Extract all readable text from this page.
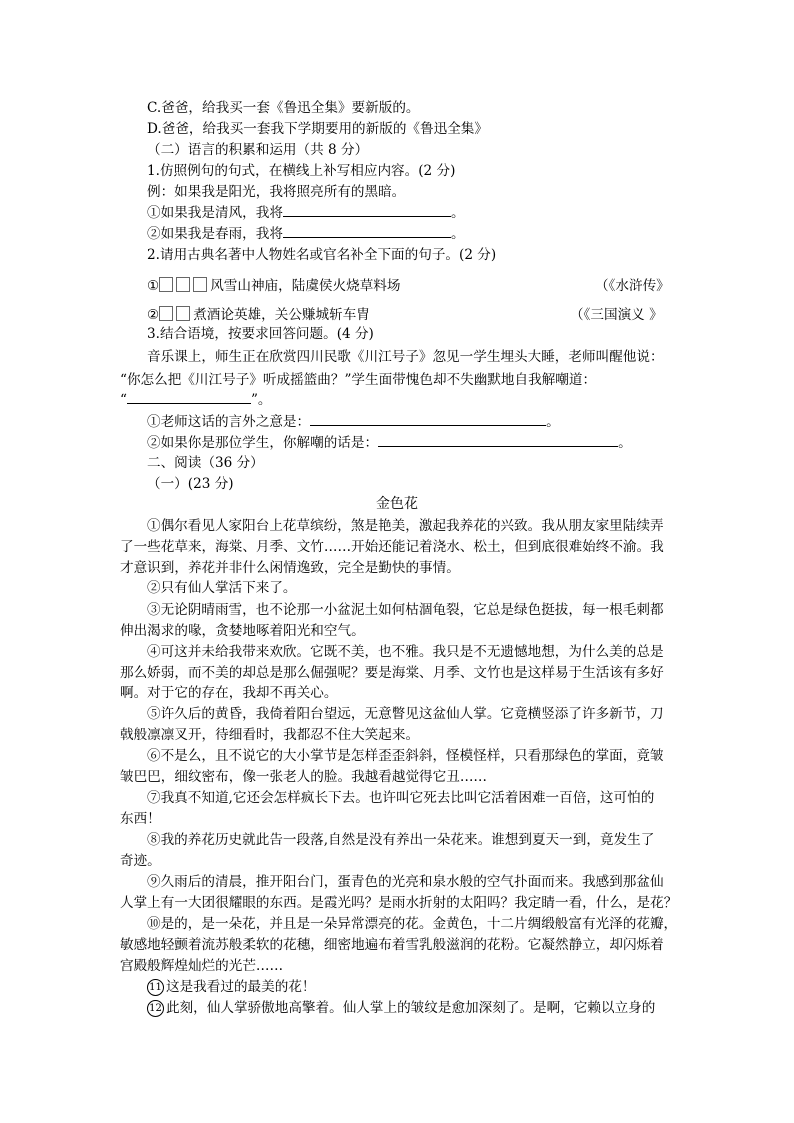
C.爸爸，给我买一套《鲁迅全集》要新版的。
D.爸爸，给我买一套我下学期要用的新版的《鲁迅全集》
（二）语言的积累和运用（共 8 分）
1.仿照例句的句式，在横线上补写相应内容。(2 分)
例：如果我是阳光，我将照亮所有的黑暗。
①如果我是清风，我将	。
②如果我是春雨，我将	。
2.请用古典名著中人物姓名或官名补全下面的句子。(2 分)
①	风雪山神庙，陆虞侯火烧草料场	（《水浒传》
②	煮酒论英雄，关公赚城斩车胄	（《三国演义 》
3.结合语境，按要求回答问题。(4 分)
音乐课上，师生正在欣赏四川民歌《川江号子》忽见一学生埋头大睡，老师叫醒他说：
“你怎么把《川江号子》听成摇篮曲？”学生面带愧色却不失幽默地自我解嘲道：
“	”。
①老师这话的言外之意是：	。
②如果你是那位学生，你解嘲的话是：	。
二、阅读（36 分）
（一）(23 分)
金色花
①偶尔看见人家阳台上花草缤纷，煞是艳美，激起我养花的兴致。我从朋友家里陆续弄
了一些花草来，海棠、月季、文竹……开始还能记着浇水、松土，但到底很难始终不渝。我
才意识到，养花并非什么闲情逸致，完全是勤快的事情。
②只有仙人掌活下来了。
③无论阴晴雨雪，也不论那一小盆泥土如何枯涸龟裂，它总是绿色挺拔，每一根毛刺都
伸出渴求的喙，贪婪地啄着阳光和空气。
④可这并未给我带来欢欣。它既不美，也不雅。我只是不无遗憾地想，为什么美的总是
那么娇弱，而不美的却总是那么倔强呢？要是海棠、月季、文竹也是这样易于生活该有多好
啊。对于它的存在，我却不再关心。
⑤许久后的黄昏，我倚着阳台望远，无意瞥见这盆仙人掌。它竟横竖添了许多新节，刀
戟般凛凛叉开，待细看时，我都忍不住大笑起来。
⑥不是么，且不说它的大小掌节是怎样歪歪斜斜，怪模怪样，只看那绿色的掌面，竟皱
皱巴巴，细纹密布，像一张老人的脸。我越看越觉得它丑……
⑦我真不知道,它还会怎样疯长下去。也许叫它死去比叫它活着困难一百倍，这可怕的
东西！
⑧我的养花历史就此告一段落,自然是没有养出一朵花来。谁想到夏天一到，竟发生了
奇迹。
⑨久雨后的清晨，推开阳台门，蛋青色的光亮和泉水般的空气扑面而来。我感到那盆仙
人掌上有一大团很耀眼的东西。是霞光吗？是雨水折射的太阳吗？我定睛一看，什么，是花？
⑩是的，是一朵花，并且是一朵异常漂亮的花。金黄色，十二片绸缎般富有光泽的花瓣，
敏感地轻颤着流苏般柔软的花穗，细密地遍布着雪乳般滋润的花粉。它凝然静立，却闪烁着
宫殿般辉煌灿烂的光芒……
11 这是我看过的最美的花！
12 此刻，仙人掌骄傲地高擎着。仙人掌上的皱纹是愈加深刻了。是啊，它赖以立身的
